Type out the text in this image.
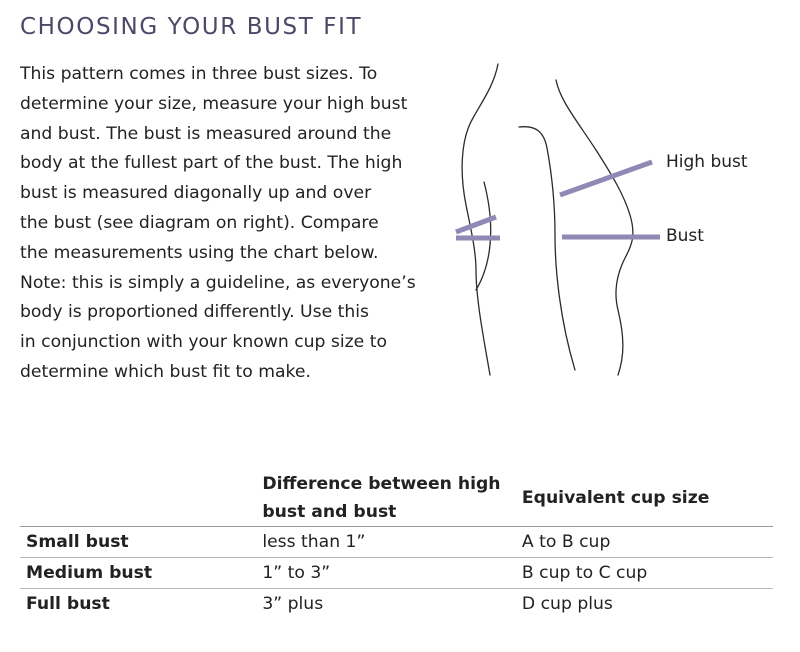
CHOOSING YOUR BUST FIT

This pattern comes in three bust sizes. To
determine your size, measure your high bust
and bust. The bust is measured around the
body at the fullest part of the bust. The high
bust is measured diagonally up and over
the bust (see diagram on right). Compare
the measurements using the chart below.
Note: this is simply a guideline, as everyone’s
body is proportioned differently. Use this
in conjunction with your known cup size to
determine which bust fit to make.

High bust
Bust

	Difference between high
bust and bust	Equivalent cup size
Small bust	less than 1”	A to B cup
Medium bust	1” to 3”	B cup to C cup
Full bust	3” plus	D cup plus
